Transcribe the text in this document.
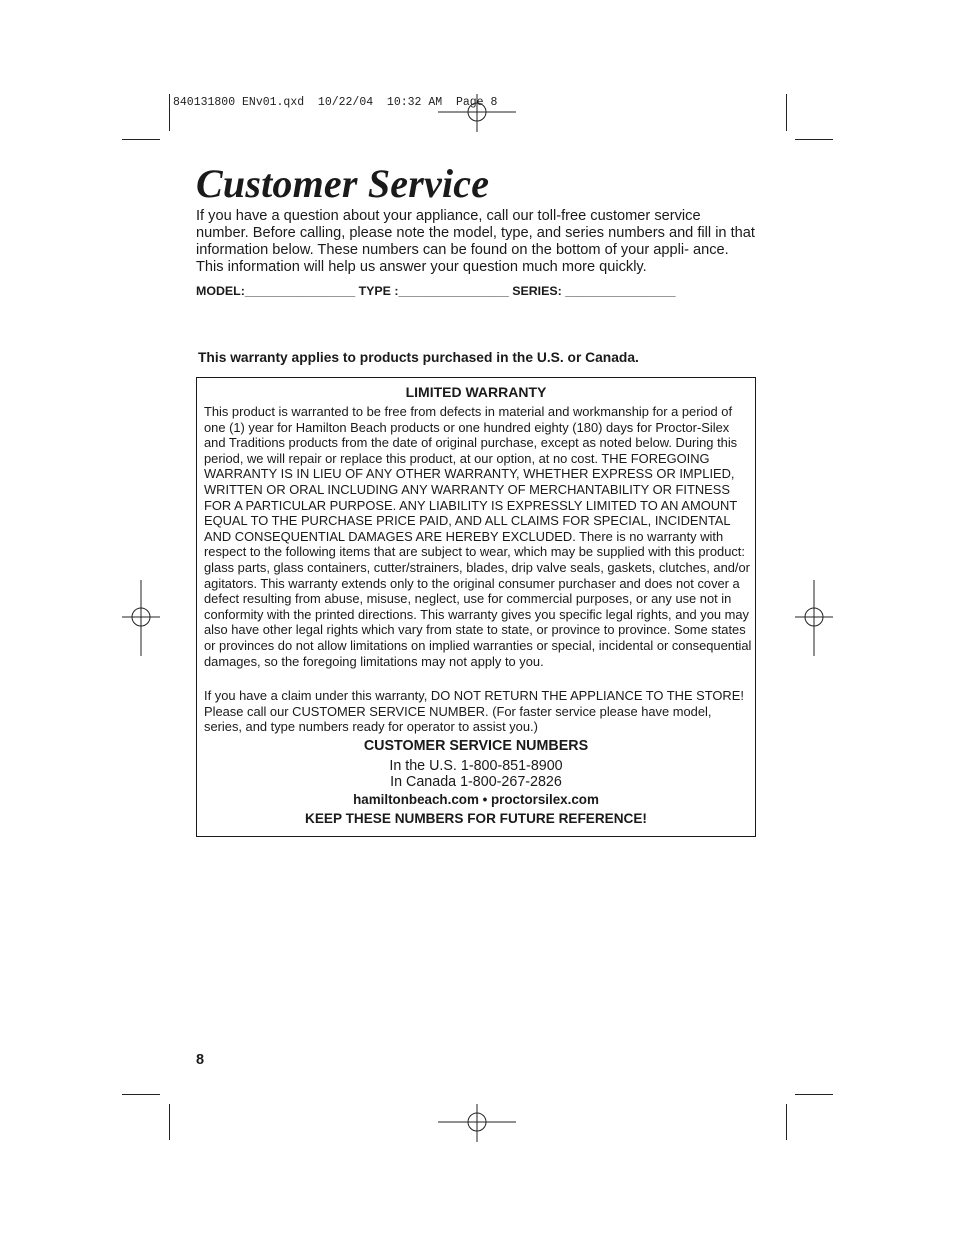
840131800 ENv01.qxd  10/22/04  10:32 AM  Page 8
Customer Service

If you have a question about your appliance, call our toll-free customer service number. Before calling, please note the model, type, and series numbers and fill in that information below. These numbers can be found on the bottom of your appli- ance. This information will help us answer your question much more quickly.

MODEL:________________ TYPE :________________ SERIES: ________________
This warranty applies to products purchased in the U.S. or Canada.
LIMITED WARRANTY

This product is warranted to be free from defects in material and workmanship for a period of one (1) year for Hamilton Beach products or one hundred eighty (180) days for Proctor-Silex and Traditions products from the date of original purchase, except as noted below. During this period, we will repair or replace this product, at our option, at no cost. THE FOREGOING WARRANTY IS IN LIEU OF ANY OTHER WARRANTY, WHETHER EXPRESS OR IMPLIED, WRITTEN OR ORAL INCLUDING ANY WARRANTY OF MERCHANTABILITY OR FITNESS FOR A PARTICULAR PURPOSE. ANY LIABILITY IS EXPRESSLY LIMITED TO AN AMOUNT EQUAL TO THE PURCHASE PRICE PAID, AND ALL CLAIMS FOR SPECIAL, INCIDENTAL AND CONSEQUENTIAL DAMAGES ARE HEREBY EXCLUDED. There is no warranty with respect to the following items that are subject to wear, which may be supplied with this product: glass parts, glass containers, cutter/strainers, blades, drip valve seals, gaskets, clutches, and/or agitators. This warranty extends only to the original consumer purchaser and does not cover a defect resulting from abuse, misuse, neglect, use for commercial purposes, or any use not in conformity with the printed directions. This warranty gives you specific legal rights, and you may also have other legal rights which vary from state to state, or province to province. Some states or provinces do not allow limitations on implied warranties or special, incidental or consequential damages, so the foregoing limitations may not apply to you.

If you have a claim under this warranty, DO NOT RETURN THE APPLIANCE TO THE STORE! Please call our CUSTOMER SERVICE NUMBER. (For faster service please have model, series, and type numbers ready for operator to assist you.)

CUSTOMER SERVICE NUMBERS
In the U.S. 1-800-851-8900
In Canada 1-800-267-2826
hamiltonbeach.com • proctorsilex.com
KEEP THESE NUMBERS FOR FUTURE REFERENCE!
8
